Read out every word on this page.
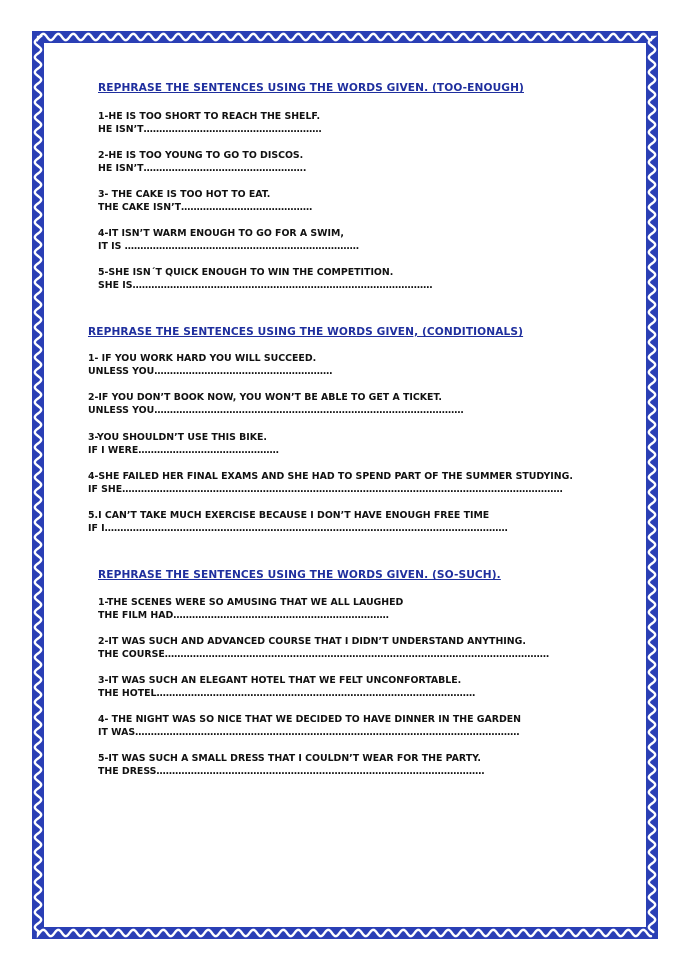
REPHRASE THE SENTENCES USING THE WORDS GIVEN. (TOO-ENOUGH)
1-HE IS TOO SHORT TO REACH THE SHELF.
HE ISN’T…………………………………………………
2-HE IS TOO YOUNG TO GO TO DISCOS.
HE ISN’T…………………………………………….
3- THE CAKE IS TOO HOT TO EAT.
THE CAKE ISN’T……………………………………
4-IT ISN’T WARM ENOUGH TO GO FOR A SWIM,
IT IS …………………………………………………………………
5-SHE ISN´T QUICK ENOUGH TO WIN THE COMPETITION.
SHE IS……………………………………………………………………………………
REPHRASE THE SENTENCES USING THE WORDS GIVEN, (CONDITIONALS)
1- IF YOU WORK HARD YOU WILL SUCCEED.
UNLESS YOU…………………………………………………
2-IF YOU DON’T BOOK NOW, YOU WON’T BE ABLE TO GET A TICKET.
UNLESS YOU………………………………………………………………………………………
3-YOU SHOULDN’T USE THIS BIKE.
IF I WERE………………………………………
4-SHE FAILED HER FINAL EXAMS AND SHE HAD TO SPEND PART OF THE SUMMER STUDYING.
IF SHE……………………………………………………………………………………………………………………………
5.I CAN’T TAKE MUCH EXERCISE BECAUSE I DON’T HAVE ENOUGH FREE TIME
IF I…………………………………………………………………………………………………………………
REPHRASE THE SENTENCES USING THE WORDS GIVEN. (SO-SUCH).
1-THE SCENES WERE SO AMUSING THAT WE ALL LAUGHED
THE FILM HAD……………………………………………………………
2-IT WAS SUCH AND ADVANCED COURSE THAT I DIDN’T UNDERSTAND ANYTHING.
THE COURSE……………………………………………………………………………………………………………
3-IT WAS SUCH AN ELEGANT HOTEL THAT WE FELT UNCONFORTABLE.
THE HOTEL…………………………………………………………………………………………
4- THE NIGHT WAS SO NICE THAT WE DECIDED TO HAVE DINNER IN THE GARDEN
IT WAS……………………………………………………………………………………………………………
5-IT WAS SUCH A SMALL DRESS THAT I COULDN’T WEAR FOR THE PARTY.
THE DRESS……………………………………………………………………………………………
